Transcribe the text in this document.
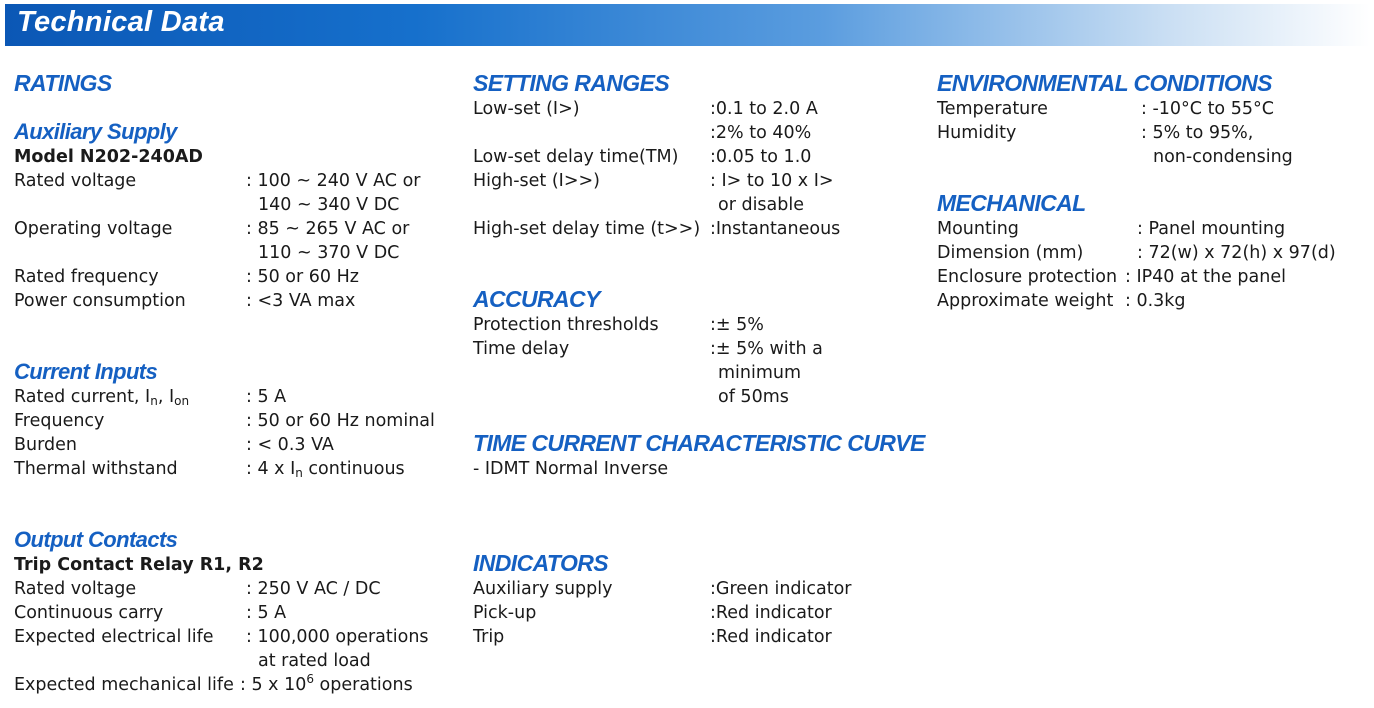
Technical Data
RATINGS
Auxiliary Supply
Model N202-240AD
Rated voltage	: 100 ~ 240 V AC or
140 ~ 340 V DC
Operating voltage	: 85 ~ 265 V AC or
110 ~ 370 V DC
Rated frequency	: 50 or 60 Hz
Power consumption	: <3 VA max
Current Inputs
Rated current, $I_n$, $I_{on}$	: 5 A
Frequency	: 50 or 60 Hz nominal
Burden	: < 0.3 VA
Thermal withstand	: 4 x $I_n$ continuous
Output Contacts
Trip Contact Relay R1, R2
Rated voltage	: 250 V AC / DC
Continuous carry	: 5 A
Expected electrical life : 100,000 operations
at rated load
Expected mechanical life : 5 x $10^6$ operations
SETTING RANGES
Low-set (I>)	:0.1 to 2.0 A
:2% to 40%
Low-set delay time(TM) :0.05 to 1.0
High-set (I>>)	: I> to 10 x I>
or disable
High-set delay time (t>>) :Instantaneous
ACCURACY
Protection thresholds	:± 5%
Time delay	:± 5% with a
minimum
of 50ms
TIME CURRENT CHARACTERISTIC CURVE
- IDMT Normal Inverse
INDICATORS
Auxiliary supply	:Green indicator
Pick-up	:Red indicator
Trip	:Red indicator
ENVIRONMENTAL CONDITIONS
Temperature	: -10°C to 55°C
Humidity	: 5% to 95%,
non-condensing
MECHANICAL
Mounting	: Panel mounting
Dimension (mm)	: 72(w) x 72(h) x 97(d)
Enclosure protection : IP40 at the panel
Approximate weight : 0.3kg
